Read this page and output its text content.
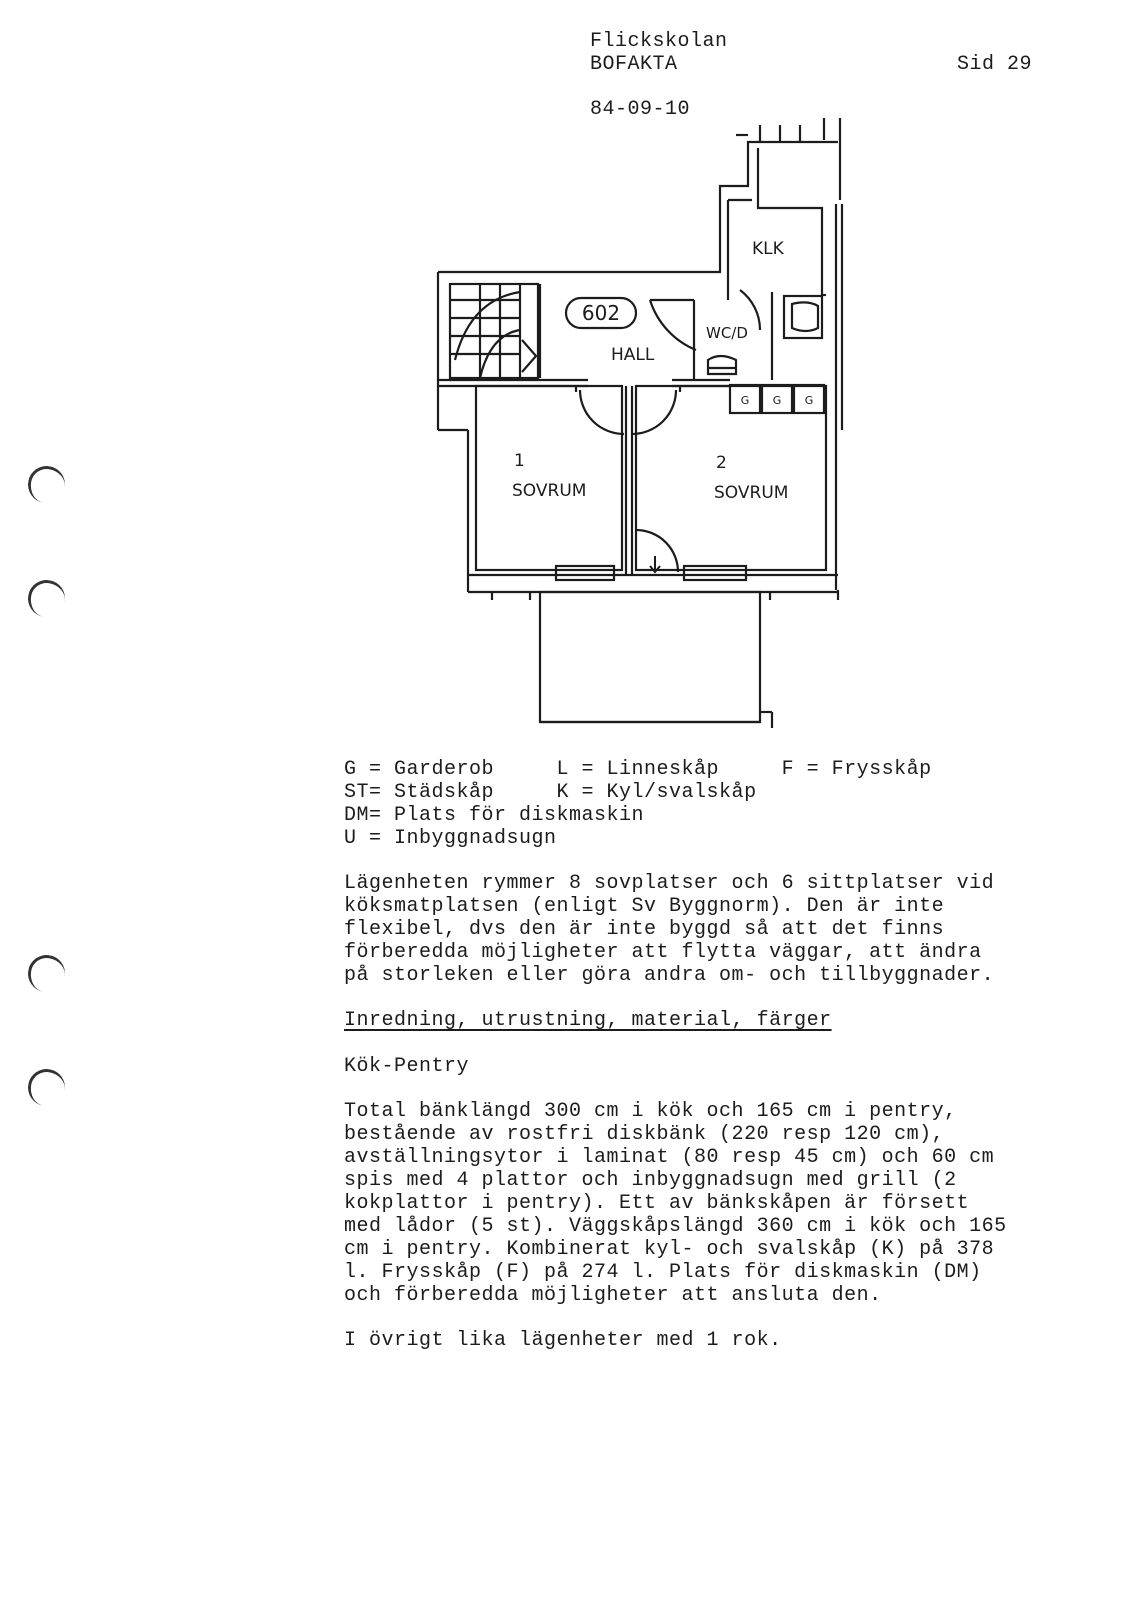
Flickskolan
BOFAKTA	Sid 29
84-09-10
602
HALL
KLK
WC/D
1
SOVRUM
2
SOVRUM
G G G
G = Garderob     L = Linneskåp     F = Frysskåp
ST= Städskåp     K = Kyl/svalskåp
DM= Plats för diskmaskin
U = Inbyggnadsugn
Lägenheten rymmer 8 sovplatser och 6 sittplatser vid
köksmatplatsen (enligt Sv Byggnorm). Den är inte
flexibel, dvs den är inte byggd så att det finns
förberedda möjligheter att flytta väggar, att ändra
på storleken eller göra andra om- och tillbyggnader.
Inredning, utrustning, material, färger
Kök-Pentry
Total bänklängd 300 cm i kök och 165 cm i pentry,
bestående av rostfri diskbänk (220 resp 120 cm),
avställningsytor i laminat (80 resp 45 cm) och 60 cm
spis med 4 plattor och inbyggnadsugn med grill (2
kokplattor i pentry). Ett av bänkskåpen är försett
med lådor (5 st). Väggskåpslängd 360 cm i kök och 165
cm i pentry. Kombinerat kyl- och svalskåp (K) på 378
l. Frysskåp (F) på 274 l. Plats för diskmaskin (DM)
och förberedda möjligheter att ansluta den.
I övrigt lika lägenheter med 1 rok.
